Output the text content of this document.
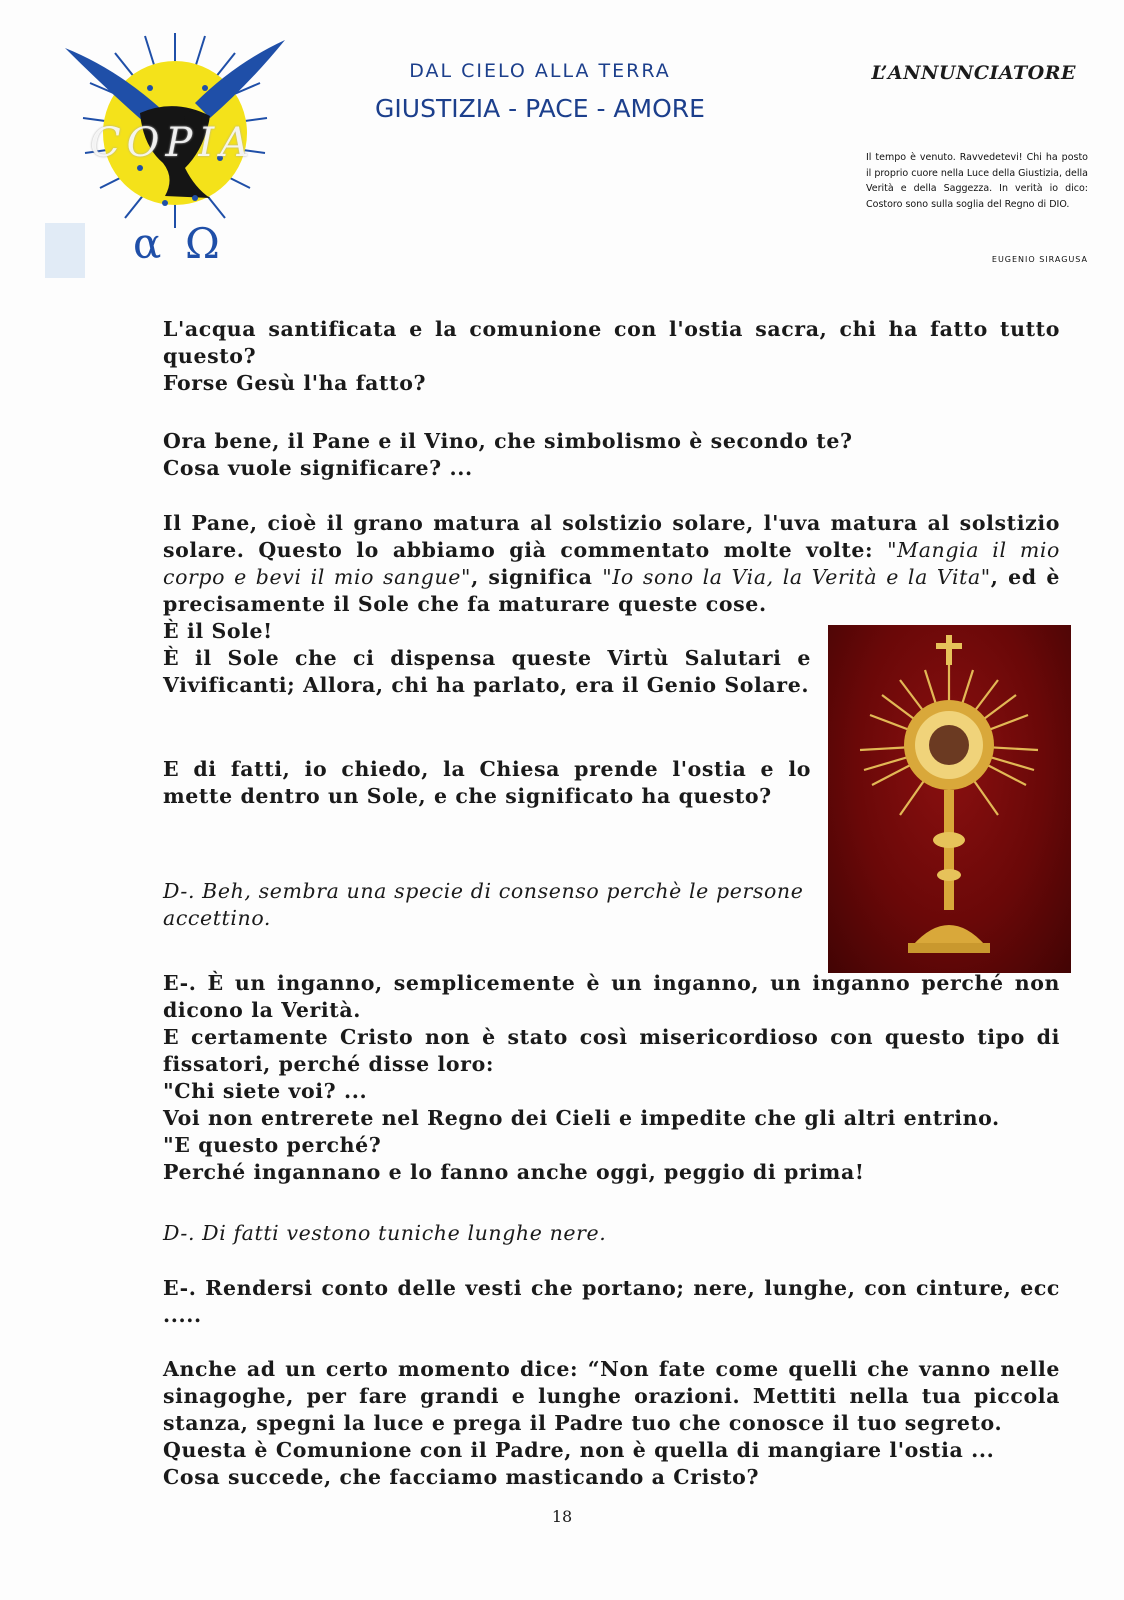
α Ω
COPIA
DAL CIELO ALLA TERRA
GIUSTIZIA - PACE - AMORE
L’ANNUNCIATORE
Il tempo è venuto. Ravvedetevi! Chi ha posto il proprio cuore nella Luce della Giustizia, della Verità e della Saggezza. In verità io dico: Costoro sono sulla soglia del Regno di DIO.
EUGENIO SIRAGUSA

L'acqua santificata e la comunione con l'ostia sacra, chi ha fatto tutto questo?

Forse Gesù l'ha fatto?

Ora bene, il Pane e il Vino, che simbolismo è secondo te?

Cosa vuole significare? ...

Il Pane, cioè il grano matura al solstizio solare, l'uva matura al solstizio solare. Questo lo abbiamo già commentato molte volte: "Mangia il mio corpo e bevi il mio sangue", significa "Io sono la Via, la Verità e la Vita", ed è precisamente il Sole che fa maturare queste cose.

È il Sole!
È il Sole che ci dispensa queste Virtù Salutari e Vivificanti; Allora, chi ha parlato, era il Genio Solare.
E di fatti, io chiedo, la Chiesa prende l'ostia e lo mette dentro un Sole, e che significato ha questo?
D-. Beh, sembra una specie di consenso perchè le persone accettino.

E-. È un inganno, semplicemente è un inganno, un inganno perché non dicono la Verità.

E certamente Cristo non è stato così misericordioso con questo tipo di fissatori, perché disse loro:

"Chi siete voi? ...

Voi non entrerete nel Regno dei Cieli e impedite che gli altri entrino.

"E questo perché?

Perché ingannano e lo fanno anche oggi, peggio di prima!

D-. Di fatti vestono tuniche lunghe nere.
E-. Rendersi conto delle vesti che portano; nere, lunghe, con cinture, ecc .....

Anche ad un certo momento dice: “Non fate come quelli che vanno nelle sinagoghe, per fare grandi e lunghe orazioni. Mettiti nella tua piccola stanza, spegni la luce e prega il Padre tuo che conosce il tuo segreto.

Questa è Comunione con il Padre, non è quella di mangiare l'ostia ...

Cosa succede, che facciamo masticando a Cristo?

18
